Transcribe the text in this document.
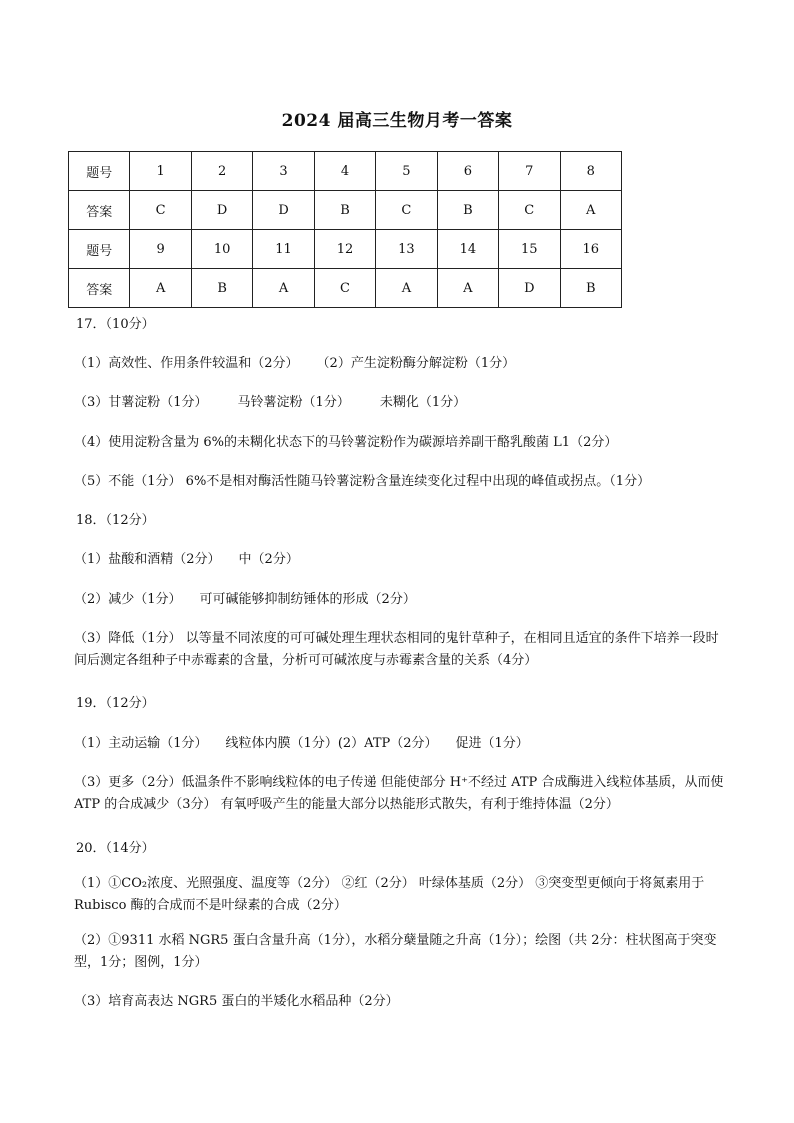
2024 届高三生物月考一答案
题号	1	2	3	4	5	6	7	8
答案	C	D	D	B	C	B	C	A
题号	9	10	11	12	13	14	15	16
答案	A	B	A	C	A	A	D	B
17．（10分）
（1）高效性、作用条件较温和（2分） （2）产生淀粉酶分解淀粉（1分）
（3）甘薯淀粉（1分） 马铃薯淀粉（1分） 未糊化（1分）
（4）使用淀粉含量为 6%的未糊化状态下的马铃薯淀粉作为碳源培养副干酪乳酸菌 L1（2分）
（5）不能（1分） 6%不是相对酶活性随马铃薯淀粉含量连续变化过程中出现的峰值或拐点。（1分）
18．（12分）
（1）盐酸和酒精（2分） 中（2分）
（2）减少（1分） 可可碱能够抑制纺锤体的形成（2分）
（3）降低（1分） 以等量不同浓度的可可碱处理生理状态相同的鬼针草种子，在相同且适宜的条件下培养一段时间后测定各组种子中赤霉素的含量，分析可可碱浓度与赤霉素含量的关系（4分）
19．（12分）
（1）主动运输（1分） 线粒体内膜（1分）(2）ATP（2分） 促进（1分）
（3）更多（2分）低温条件不影响线粒体的电子传递 但能使部分 H⁺不经过 ATP 合成酶进入线粒体基质，从而使 ATP 的合成减少（3分） 有氧呼吸产生的能量大部分以热能形式散失，有利于维持体温（2分）
20．（14分）
（1）①CO₂浓度、光照强度、温度等（2分） ②红（2分） 叶绿体基质（2分） ③突变型更倾向于将氮素用于 Rubisco 酶的合成而不是叶绿素的合成（2分）
（2）①9311 水稻 NGR5 蛋白含量升高（1分），水稻分蘖量随之升高（1分）；绘图（共 2分：柱状图高于突变型，1分；图例，1分）
（3）培育高表达 NGR5 蛋白的半矮化水稻品种（2分）
